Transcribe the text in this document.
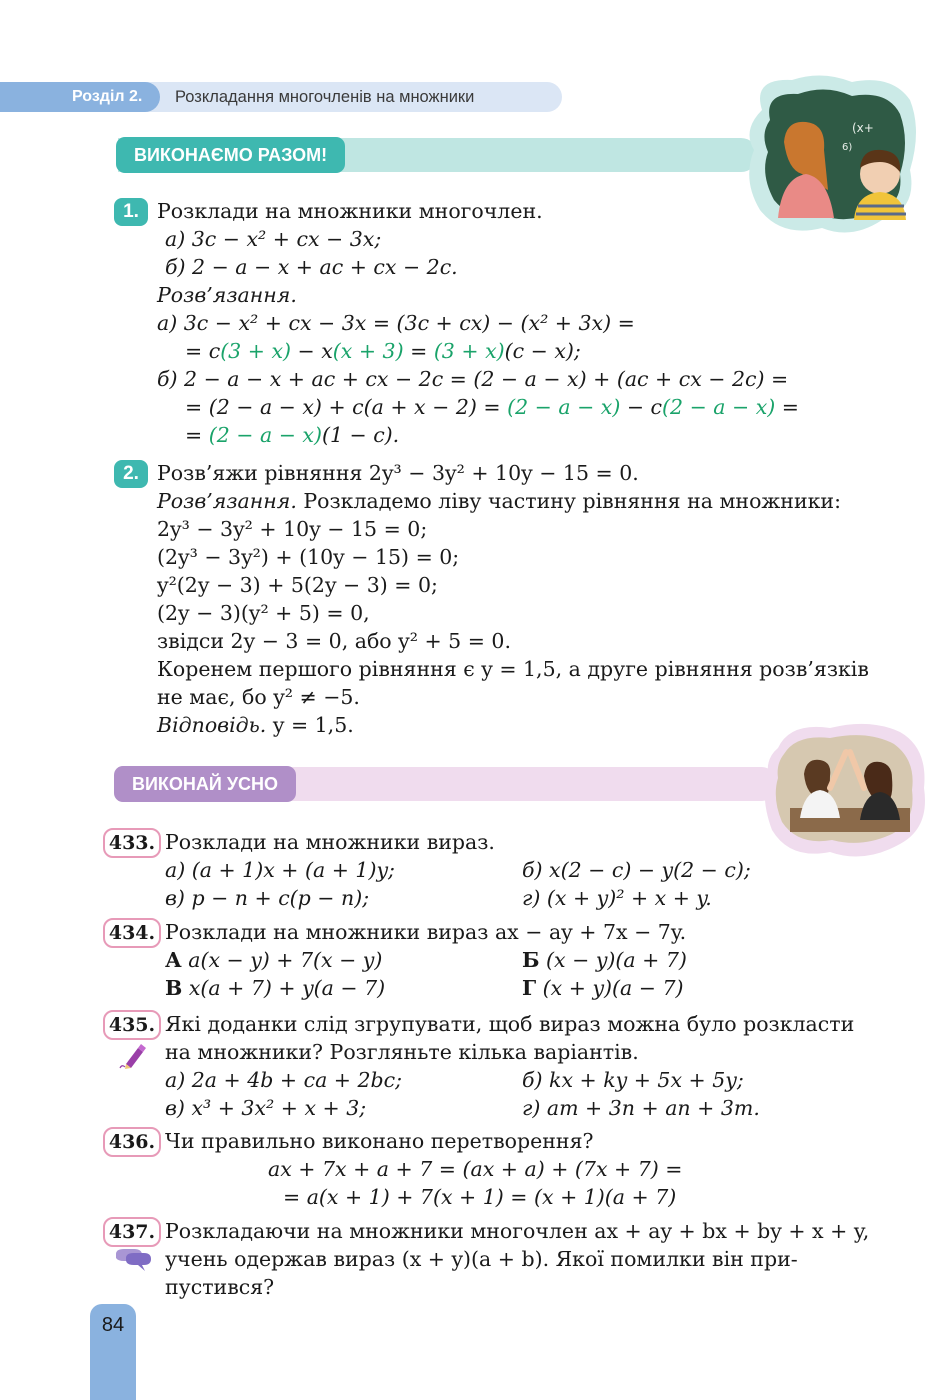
Розділ 2. Розкладання многочленів на множники
ВИКОНАЄМО РАЗОМ!
(x+
6)
1. Розклади на множники многочлен.
а) 3c − x² + cx − 3x;
б) 2 − a − x + ac + cx − 2c.
Розв’язання.
а) 3c − x² + cx − 3x = (3c + cx) − (x² + 3x) =
= c(3 + x) − x(x + 3) = (3 + x)(c − x);
б) 2 − a − x + ac + cx − 2c = (2 − a − x) + (ac + cx − 2c) =
= (2 − a − x) + c(a + x − 2) = (2 − a − x) − c(2 − a − x) =
= (2 − a − x)(1 − c).
2. Розв’яжи рівняння 2y³ − 3y² + 10y − 15 = 0.
Розв’язання. Розкладемо ліву частину рівняння на множники:
2y³ − 3y² + 10y − 15 = 0;
(2y³ − 3y²) + (10y − 15) = 0;
y²(2y − 3) + 5(2y − 3) = 0;
(2y − 3)(y² + 5) = 0,
звідси 2y − 3 = 0, або y² + 5 = 0.
Коренем першого рівняння є y = 1,5, а друге рівняння розв’язків
не має, бо y² ≠ −5.
Відповідь. y = 1,5.
ВИКОНАЙ УСНО
433. Розклади на множники вираз.
а) (a + 1)x + (a + 1)y;	б) x(2 − c) − y(2 − c);
в) p − n + c(p − n);	г) (x + y)² + x + y.
434. Розклади на множники вираз ax − ay + 7x − 7y.
А a(x − y) + 7(x − y)	Б (x − y)(a + 7)
В x(a + 7) + y(a − 7)	Г (x + y)(a − 7)
435. Які доданки слід згрупувати, щоб вираз можна було розкласти
на множники? Розгляньте кілька варіантів.
а) 2a + 4b + ca + 2bc;	б) kx + ky + 5x + 5y;
в) x³ + 3x² + x + 3;	г) am + 3n + an + 3m.
436. Чи правильно виконано перетворення?
ax + 7x + a + 7 = (ax + a) + (7x + 7) =
= a(x + 1) + 7(x + 1) = (x + 1)(a + 7)
437. Розкладаючи на множники многочлен ax + ay + bx + by + x + y,
учень одержав вираз (x + y)(a + b). Якої помилки він при-
пустився?
84
